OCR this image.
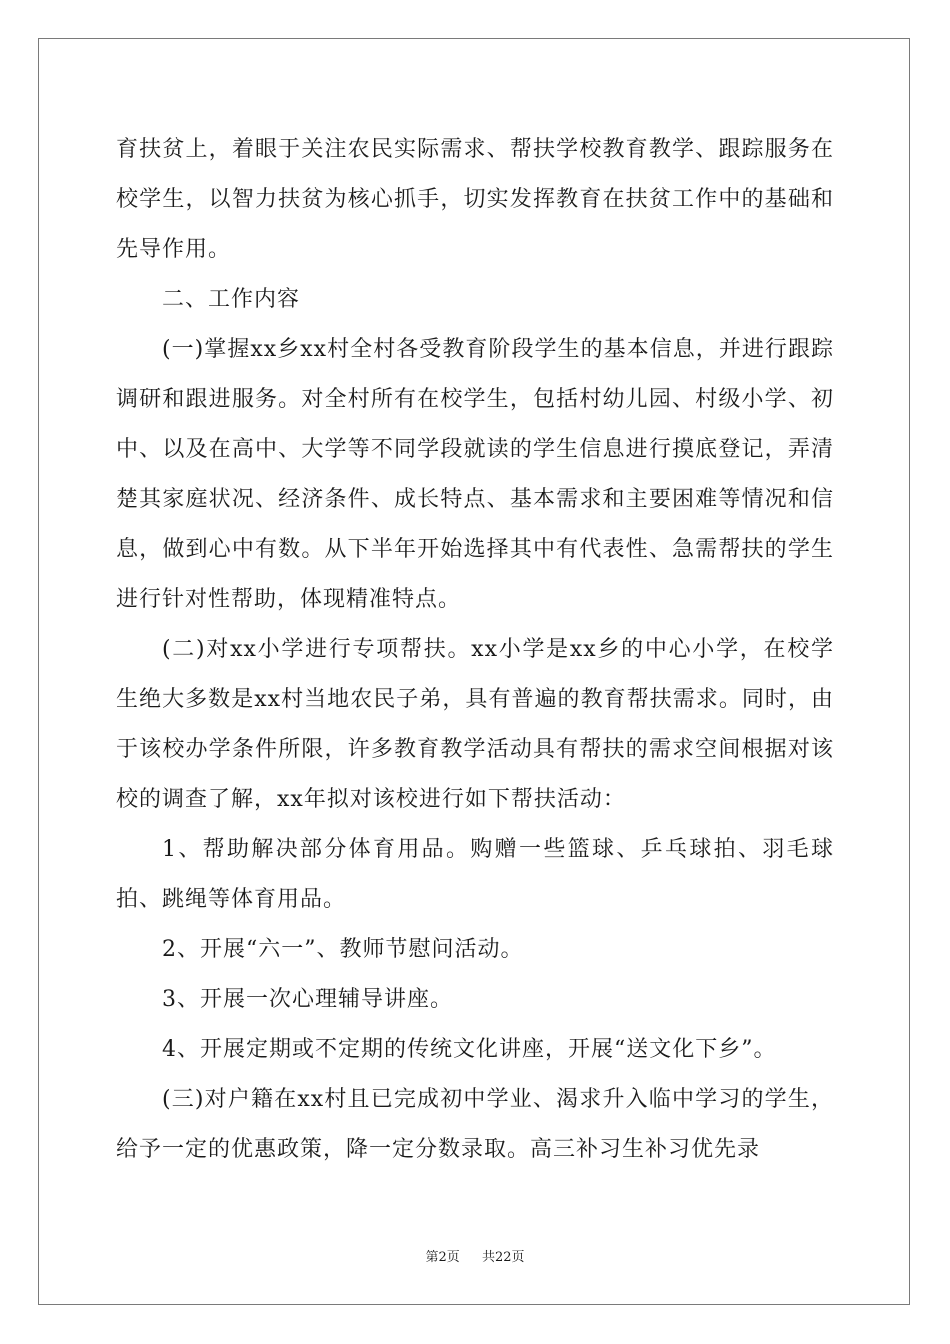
育扶贫上，着眼于关注农民实际需求、帮扶学校教育教学、跟踪服务在校学生，以智力扶贫为核心抓手，切实发挥教育在扶贫工作中的基础和先导作用。

二、工作内容

(一)掌握xx乡xx村全村各受教育阶段学生的基本信息，并进行跟踪调研和跟进服务。对全村所有在校学生，包括村幼儿园、村级小学、初中、以及在高中、大学等不同学段就读的学生信息进行摸底登记，弄清楚其家庭状况、经济条件、成长特点、基本需求和主要困难等情况和信息，做到心中有数。从下半年开始选择其中有代表性、急需帮扶的学生进行针对性帮助，体现精准特点。

(二)对xx小学进行专项帮扶。xx小学是xx乡的中心小学，在校学生绝大多数是xx村当地农民子弟，具有普遍的教育帮扶需求。同时，由于该校办学条件所限，许多教育教学活动具有帮扶的需求空间根据对该校的调查了解，xx年拟对该校进行如下帮扶活动：

1、帮助解决部分体育用品。购赠一些篮球、乒乓球拍、羽毛球拍、跳绳等体育用品。

2、开展“六一”、教师节慰问活动。

3、开展一次心理辅导讲座。

4、开展定期或不定期的传统文化讲座，开展“送文化下乡”。

(三)对户籍在xx村且已完成初中学业、渴求升入临中学习的学生，给予一定的优惠政策，降一定分数录取。高三补习生补习优先录

第2页 共22页
